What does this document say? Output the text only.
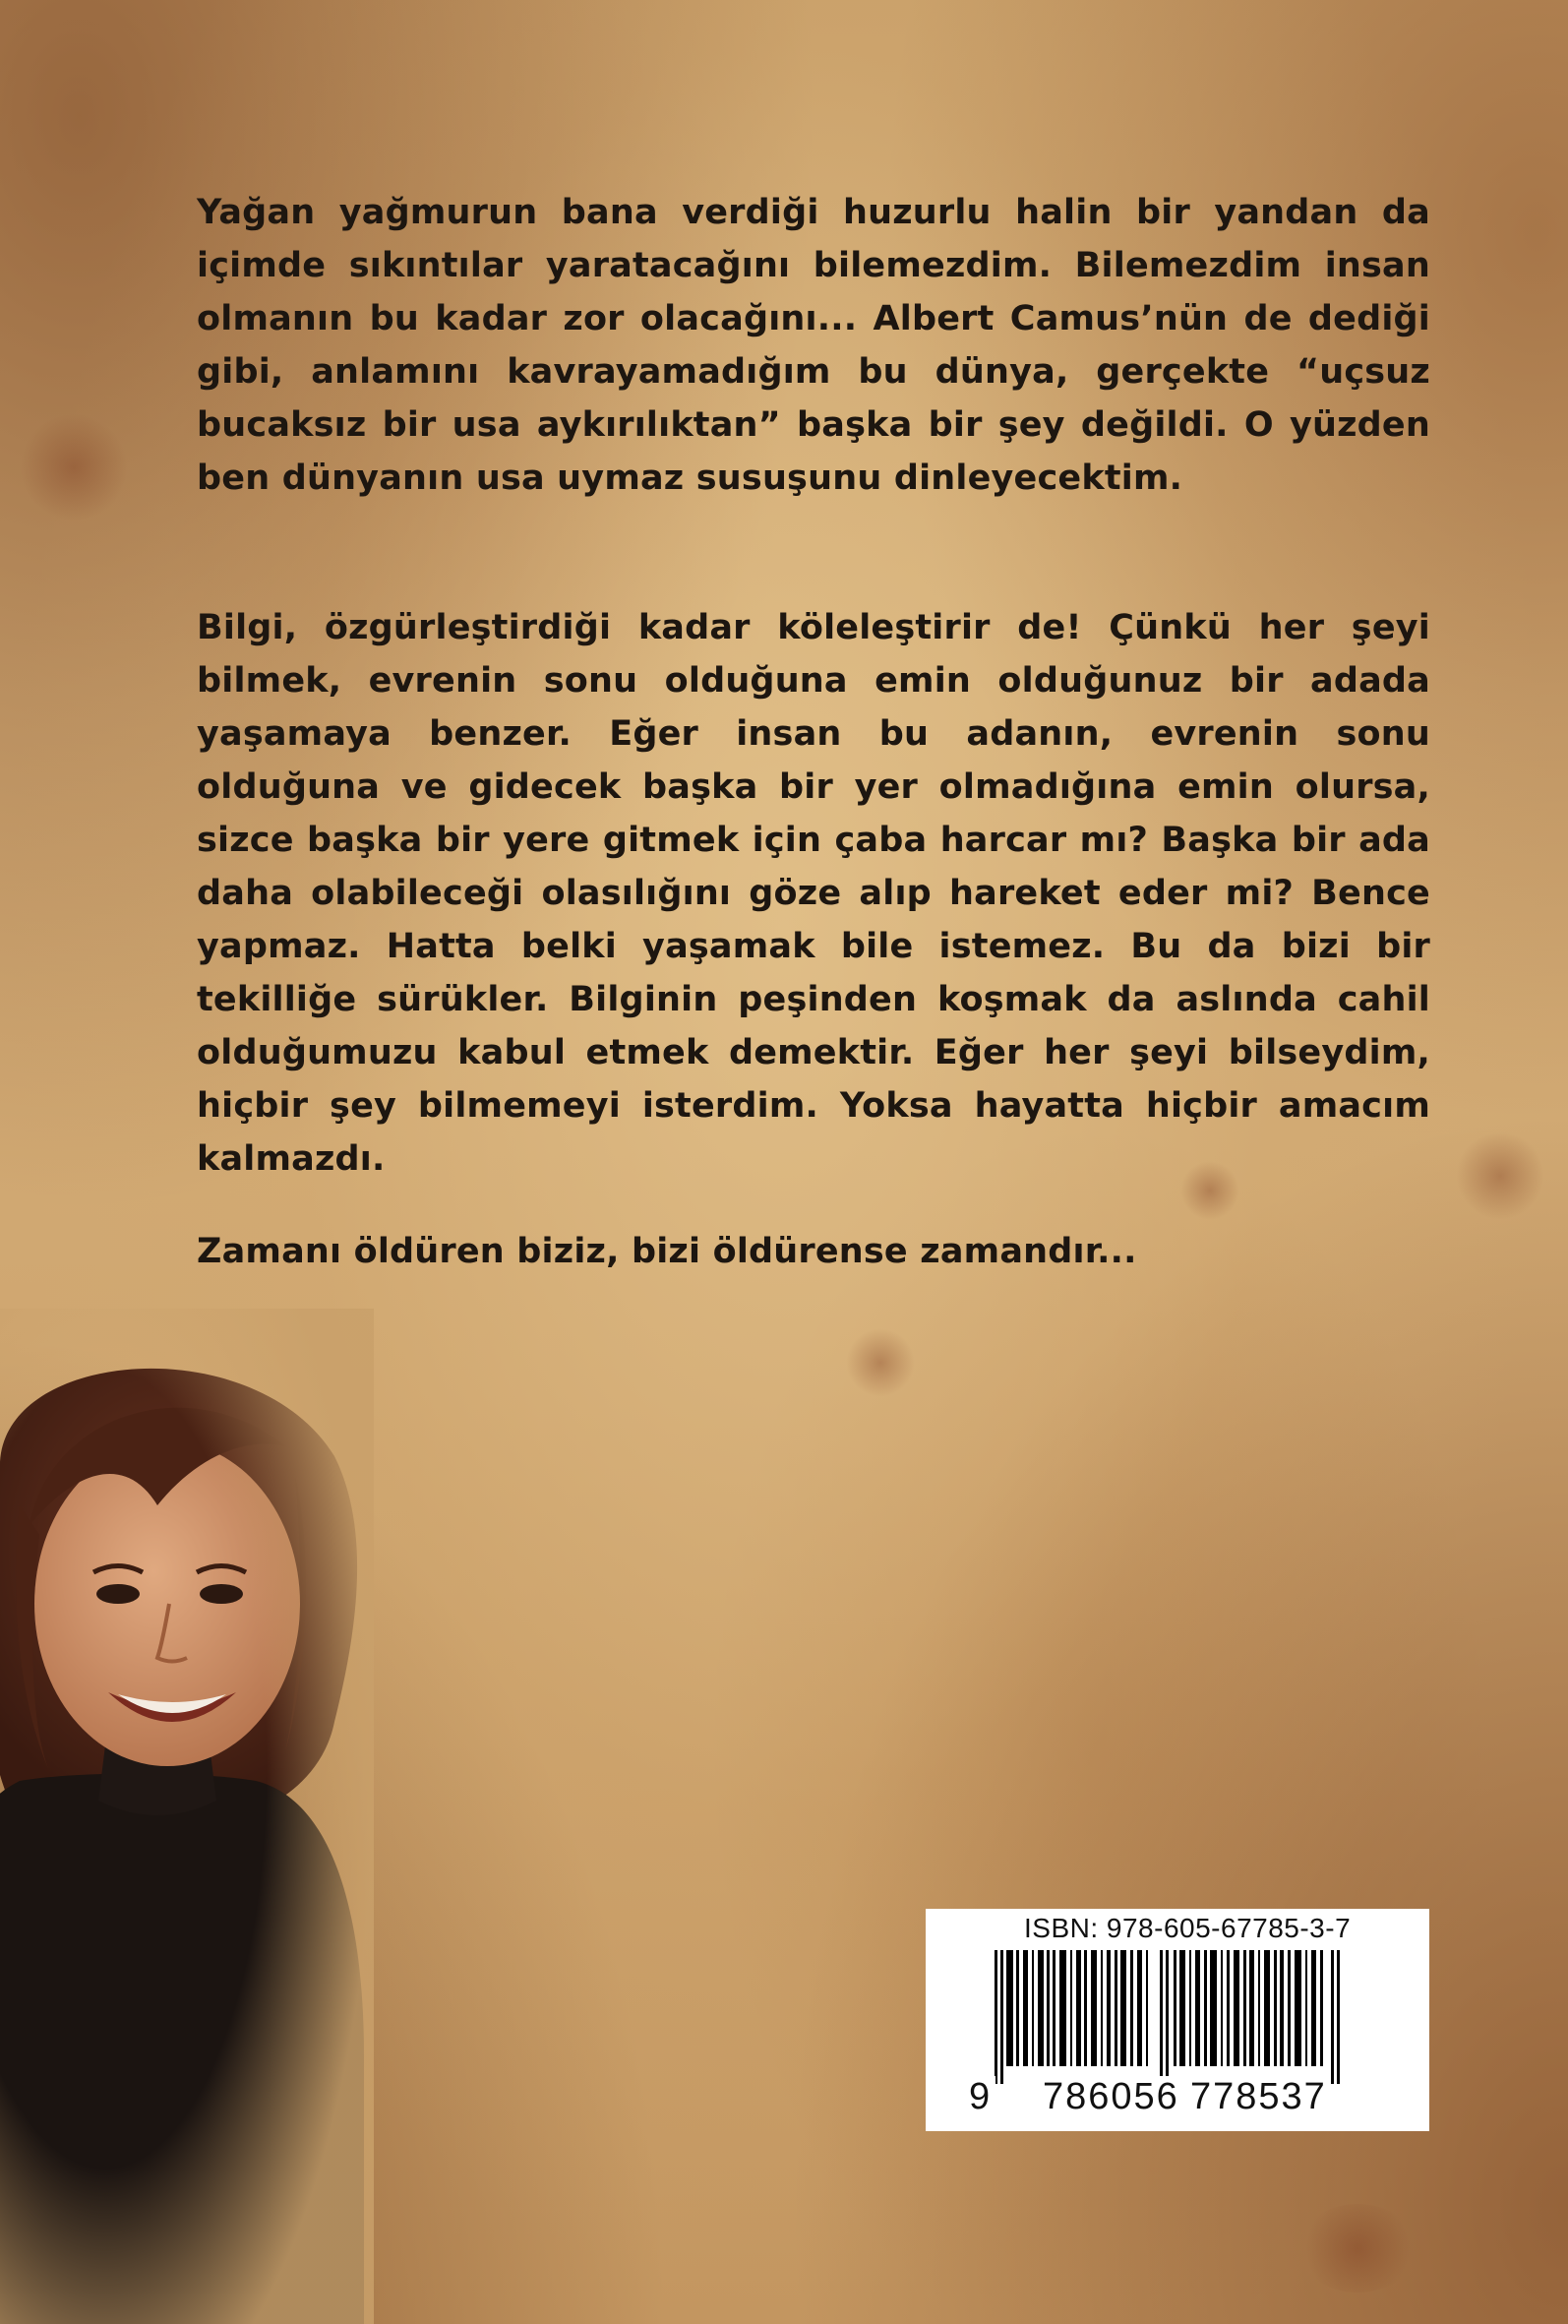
Yağan yağmurun bana verdiği huzurlu halin bir yandan da içimde sıkıntılar yaratacağını bilemezdim. Bilemezdim insan olmanın bu kadar zor olacağını... Albert Camus’nün de dediği gibi, anlamını kavrayamadığım bu dünya, gerçekte “uçsuz bucaksız bir usa aykırılıktan” başka bir şey değildi. O yüzden ben dünyanın usa uymaz susuşunu dinleyecektim.

Bilgi, özgürleştirdiği kadar köleleştirir de! Çünkü her şeyi bilmek, evrenin sonu olduğuna emin olduğunuz bir adada yaşamaya benzer. Eğer insan bu adanın, evrenin sonu olduğuna ve gidecek başka bir yer olmadığına emin olursa, sizce başka bir yere gitmek için çaba harcar mı? Başka bir ada daha olabileceği olasılığını göze alıp hareket eder mi? Bence yapmaz. Hatta belki yaşamak bile istemez. Bu da bizi bir tekilliğe sürükler. Bilginin peşinden koşmak da aslında cahil olduğumuzu kabul etmek demektir. Eğer her şeyi bilseydim, hiçbir şey bilmemeyi isterdim. Yoksa hayatta hiçbir amacım kalmazdı.

Zamanı öldüren biziz, bizi öldürense zamandır...

ISBN: 978-605-67785-3-7
9 786056 778537
